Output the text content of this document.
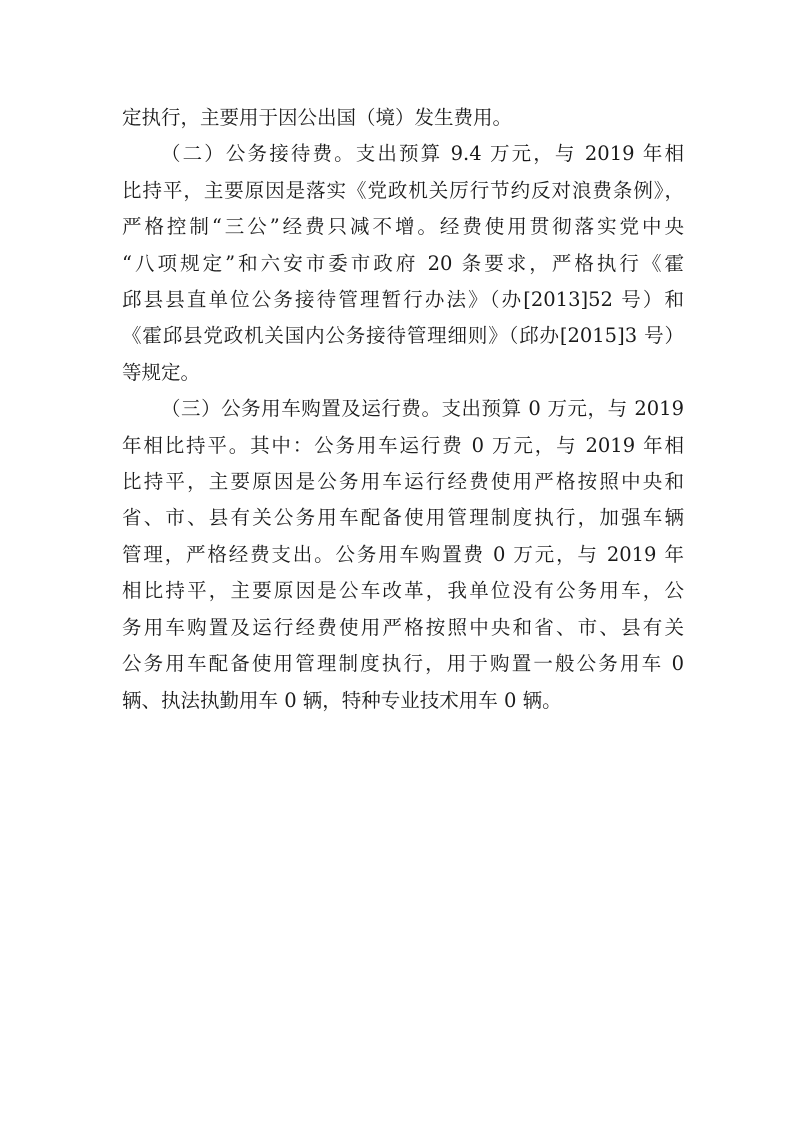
定执行，主要用于因公出国（境）发生费用。
（二）公务接待费。支出预算 9.4 万元，与 2019 年相
比持平，主要原因是落实《党政机关厉行节约反对浪费条例》，
严格控制“三公”经费只减不增。经费使用贯彻落实党中央
“八项规定”和六安市委市政府 20 条要求，严格执行《霍
邱县县直单位公务接待管理暂行办法》（办[2013]52 号）和
《霍邱县党政机关国内公务接待管理细则》（邱办[2015]3 号）
等规定。
（三）公务用车购置及运行费。支出预算 0 万元，与 2019
年相比持平。其中：公务用车运行费 0 万元，与 2019 年相
比持平，主要原因是公务用车运行经费使用严格按照中央和
省、市、县有关公务用车配备使用管理制度执行，加强车辆
管理，严格经费支出。公务用车购置费 0 万元，与 2019 年
相比持平，主要原因是公车改革，我单位没有公务用车，公
务用车购置及运行经费使用严格按照中央和省、市、县有关
公务用车配备使用管理制度执行，用于购置一般公务用车 0
辆、执法执勤用车 0 辆，特种专业技术用车 0 辆。
